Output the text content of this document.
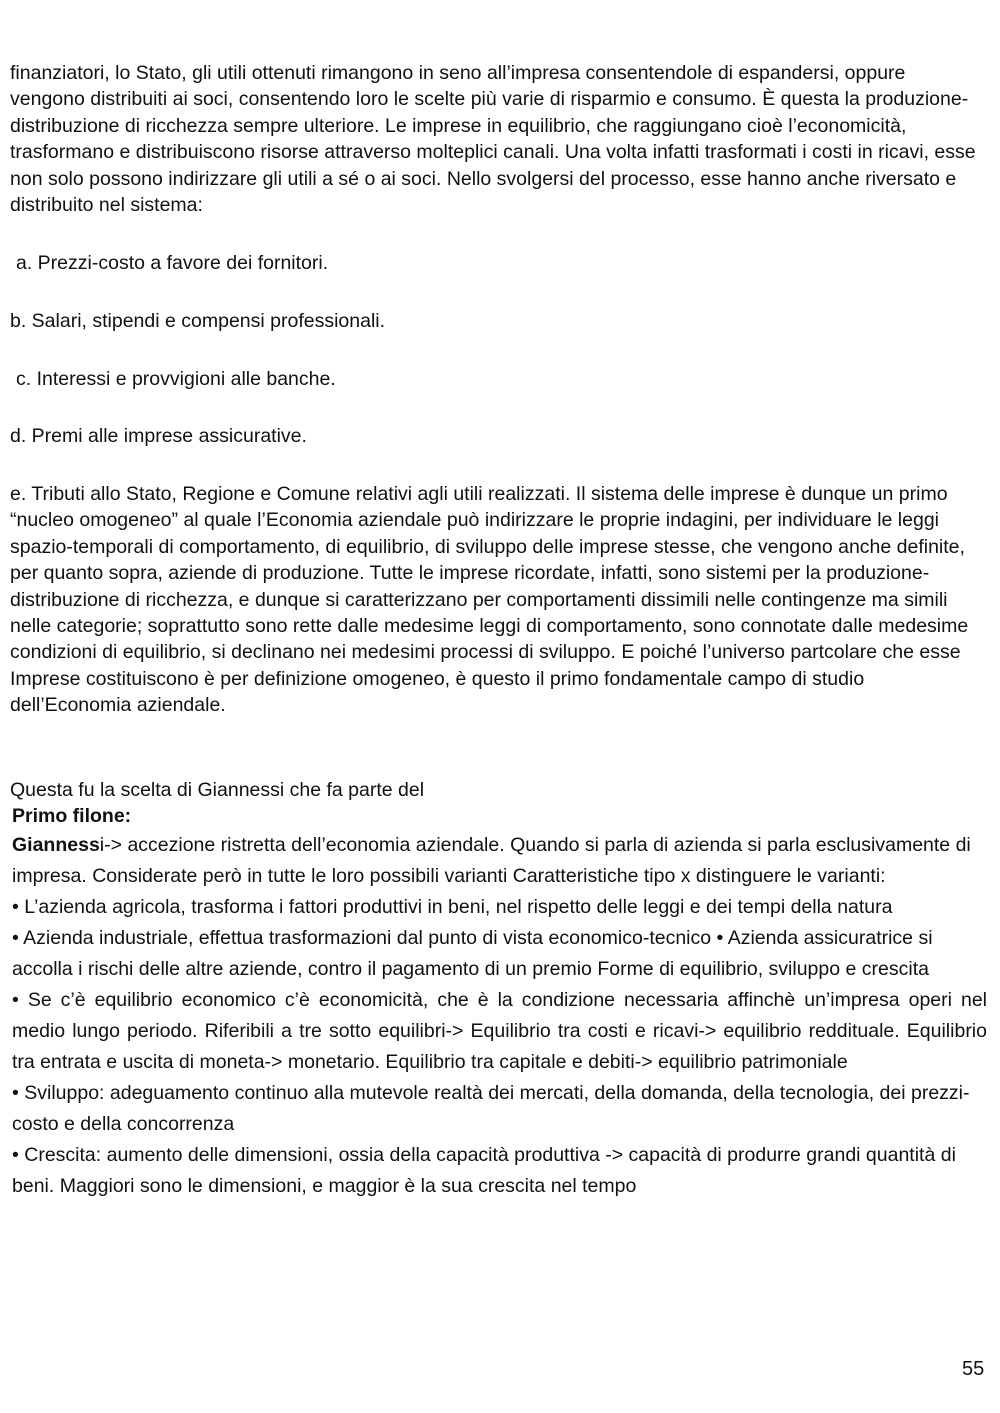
finanziatori, lo Stato, gli utili ottenuti rimangono in seno all’impresa consentendole di espandersi, oppure vengono distribuiti ai soci, consentendo loro le scelte più varie di risparmio e consumo. È questa la produzione-distribuzione di ricchezza sempre ulteriore. Le imprese in equilibrio, che raggiungano cioè l’economicità, trasformano e distribuiscono risorse attraverso molteplici canali. Una volta infatti trasformati i costi in ricavi, esse non solo possono indirizzare gli utili a sé o ai soci. Nello svolgersi del processo, esse hanno anche riversato e distribuito nel sistema:

a. Prezzi-costo a favore dei fornitori.

b. Salari, stipendi e compensi professionali.

c. Interessi e provvigioni alle banche.

d. Premi alle imprese assicurative.

e. Tributi allo Stato, Regione e Comune relativi agli utili realizzati. Il sistema delle imprese è dunque un primo “nucleo omogeneo” al quale l’Economia aziendale può indirizzare le proprie indagini, per individuare le leggi spazio-temporali di comportamento, di equilibrio, di sviluppo delle imprese stesse, che vengono anche definite, per quanto sopra, aziende di produzione. Tutte le imprese ricordate, infatti, sono sistemi per la produzione-distribuzione di ricchezza, e dunque si caratterizzano per comportamenti dissimili nelle contingenze ma simili nelle categorie; soprattutto sono rette dalle medesime leggi di comportamento, sono connotate dalle medesime condizioni di equilibrio, si declinano nei medesimi processi di sviluppo. E poiché l’universo partcolare che esse Imprese costituiscono è per definizione omogeneo, è questo il primo fondamentale campo di studio dell’Economia aziendale.

Questa fu la scelta di Giannessi che fa parte del

Primo filone:

Giannessi-> accezione ristretta dell’economia aziendale. Quando si parla di azienda si parla esclusivamente di impresa. Considerate però in tutte le loro possibili varianti Caratteristiche tipo x distinguere le varianti:

• L’azienda agricola, trasforma i fattori produttivi in beni, nel rispetto delle leggi e dei tempi della natura

• Azienda industriale, effettua trasformazioni dal punto di vista economico-tecnico • Azienda assicuratrice si accolla i rischi delle altre aziende, contro il pagamento di un premio Forme di equilibrio, sviluppo e crescita

• Se c’è equilibrio economico c’è economicità, che è la condizione necessaria affinchè un’impresa operi nel medio lungo periodo. Riferibili a tre sotto equilibri-> Equilibrio tra costi e ricavi-> equilibrio reddituale. Equilibrio tra entrata e uscita di moneta-> monetario. Equilibrio tra capitale e debiti-> equilibrio patrimoniale

• Sviluppo: adeguamento continuo alla mutevole realtà dei mercati, della domanda, della tecnologia, dei prezzi-costo e della concorrenza

• Crescita: aumento delle dimensioni, ossia della capacità produttiva -> capacità di produrre grandi quantità di beni. Maggiori sono le dimensioni, e maggior è la sua crescita nel tempo

55
